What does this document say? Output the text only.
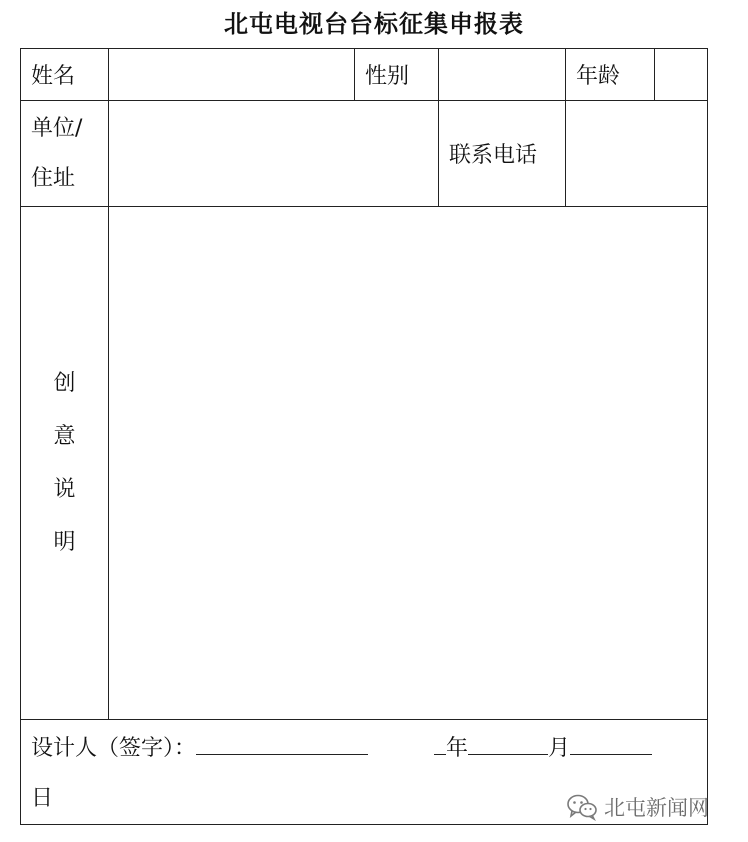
北屯电视台台标征集申报表
姓名		性别		年龄	

单位/
住址			联系电话		

创
意
说
明					

设计人（签字）： 年 月
日						北屯新闻网
